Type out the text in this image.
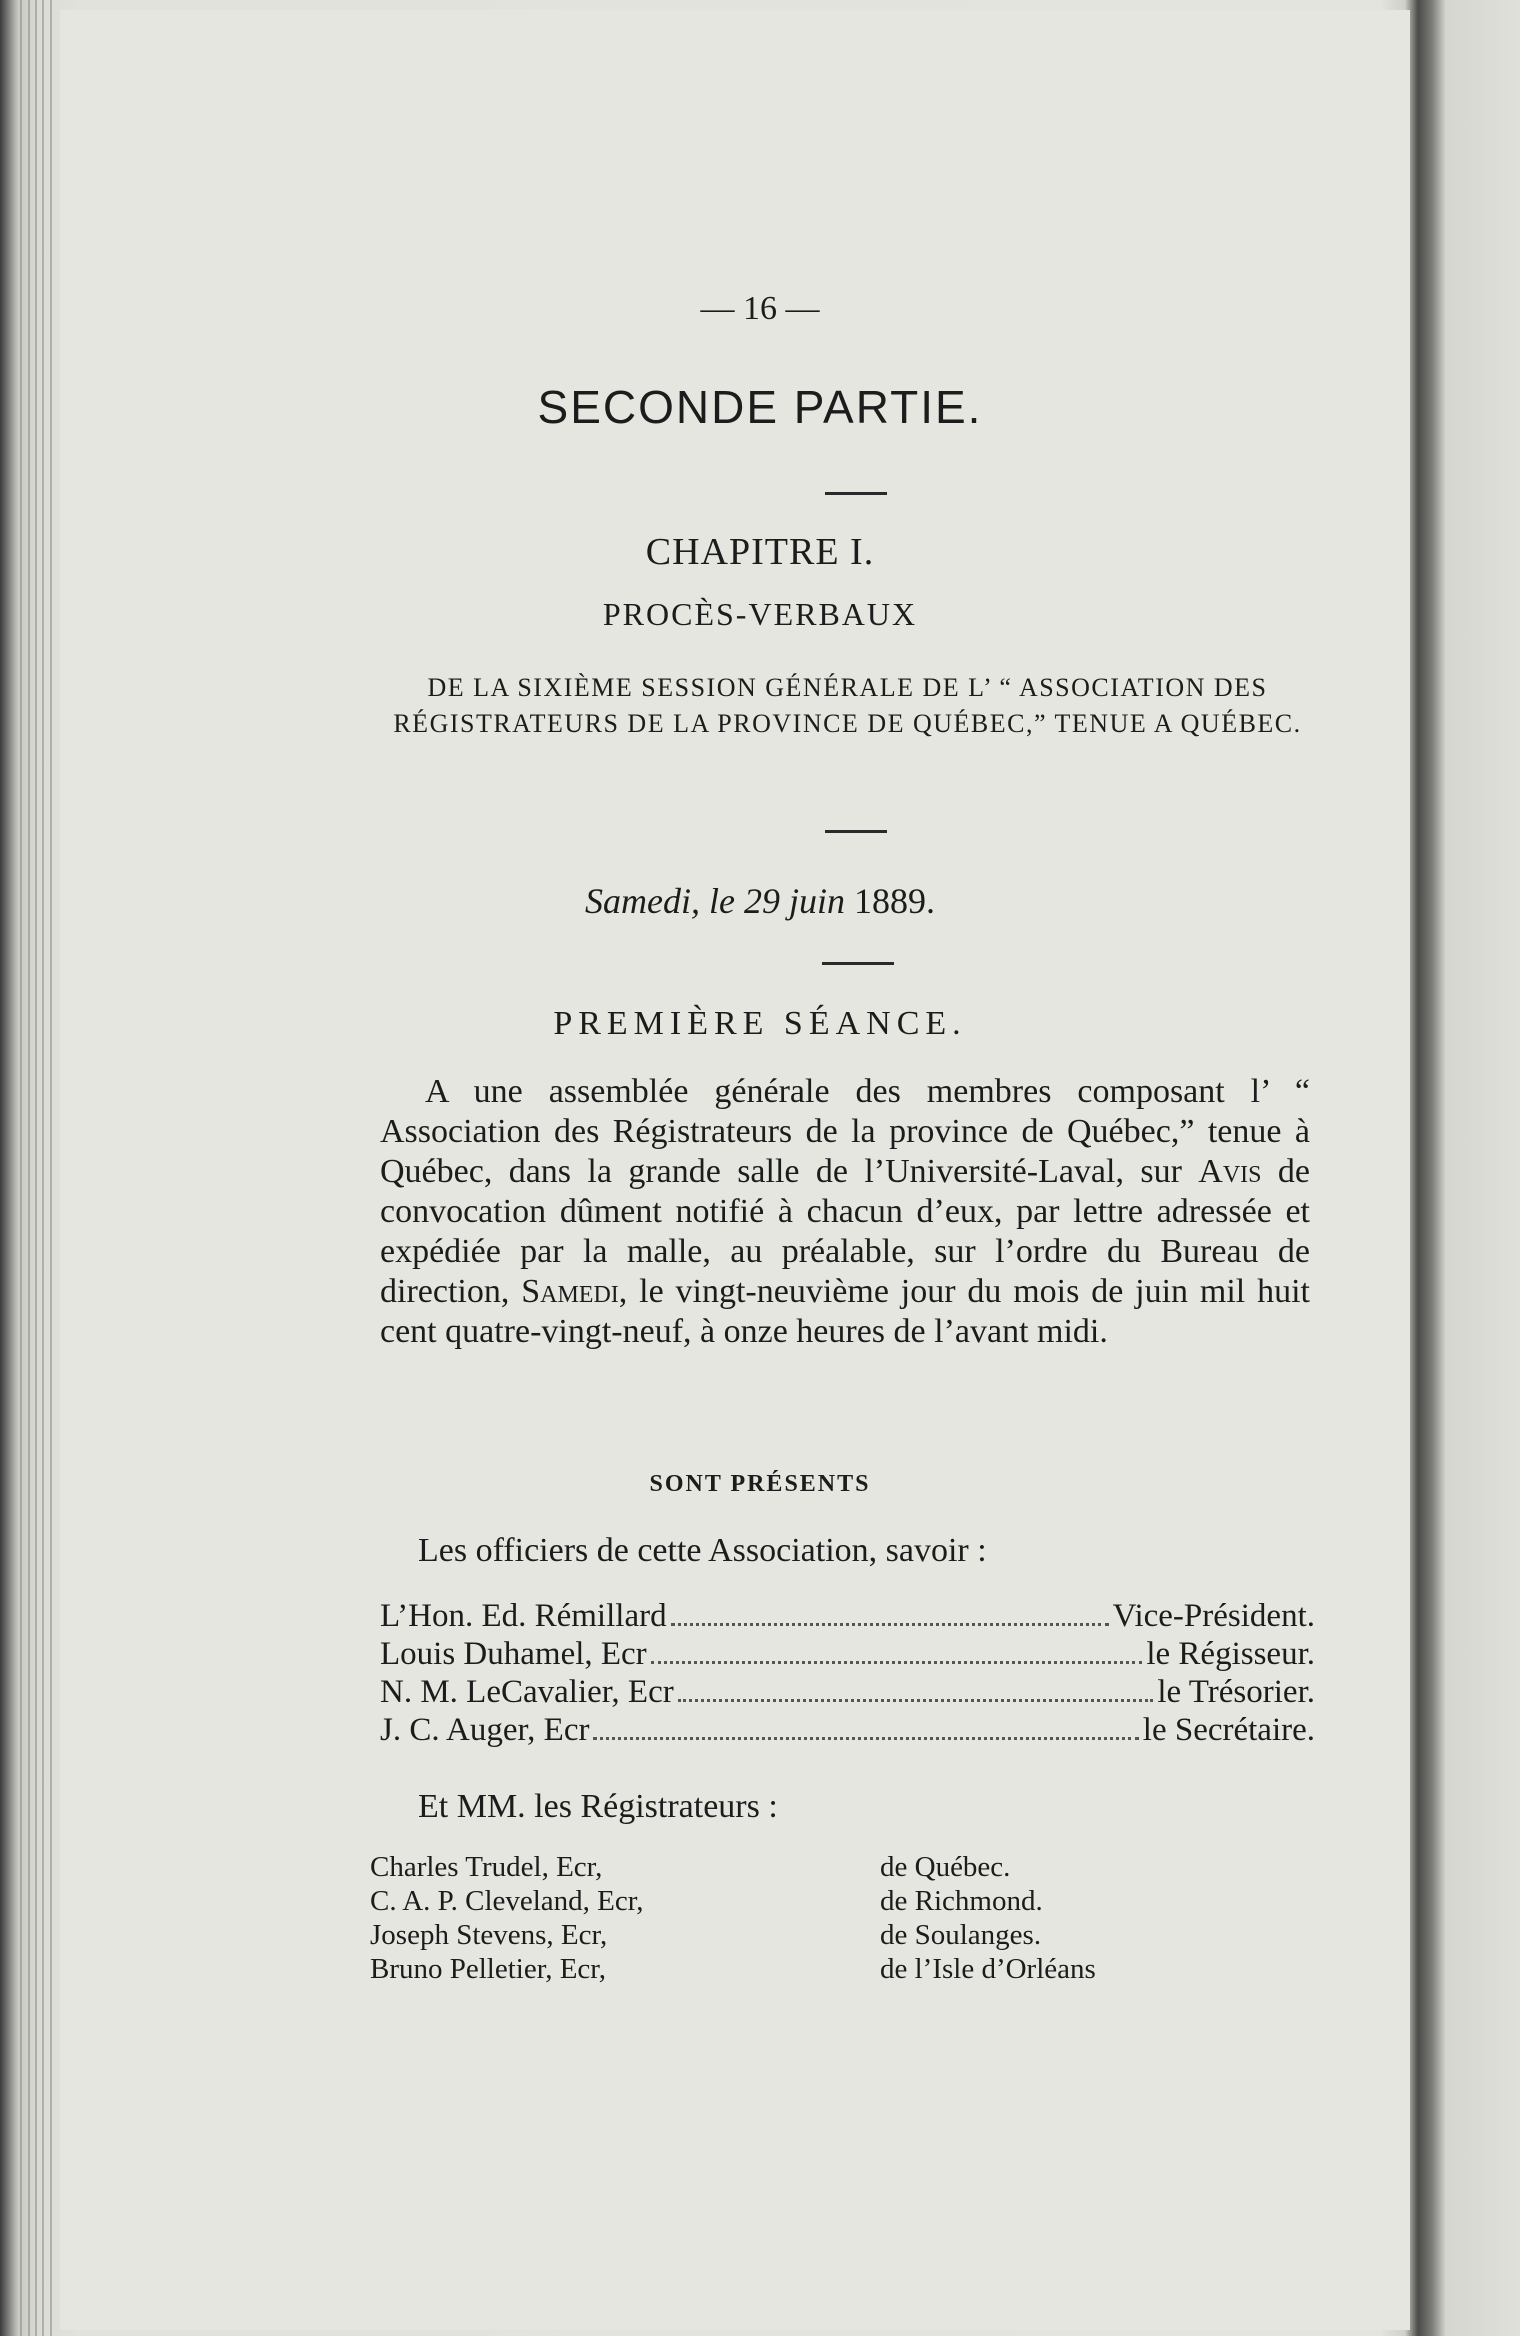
— 16 —
SECONDE PARTIE.
CHAPITRE I.
PROCÈS-VERBAUX
DE LA SIXIÈME SESSION GÉNÉRALE DE L’ “ ASSOCIATION DES RÉGISTRATEURS DE LA PROVINCE DE QUÉBEC,” TENUE A QUÉBEC.
Samedi, le 29 juin 1889.
PREMIÈRE SÉANCE.
A une assemblée générale des membres composant l’ “ Association des Régistrateurs de la province de Québec,” tenue à Québec, dans la grande salle de l’Université-Laval, sur Avis de convocation dûment notifié à chacun d’eux, par lettre adressée et expédiée par la malle, au préalable, sur l’ordre du Bureau de direction, Samedi, le vingt-neuvième jour du mois de juin mil huit cent quatre-vingt-neuf, à onze heures de l’avant midi.
SONT PRÉSENTS
Les officiers de cette Association, savoir :
L’Hon. Ed. Rémillard	Vice-Président.
Louis Duhamel, Ecr	le Régisseur.
N. M. LeCavalier, Ecr	le Trésorier.
J. C. Auger, Ecr	le Secrétaire.
Et MM. les Régistrateurs :
Charles Trudel, Ecr,	de Québec.
C. A. P. Cleveland, Ecr,	de Richmond.
Joseph Stevens, Ecr,	de Soulanges.
Bruno Pelletier, Ecr,	de l’Isle d’Orléans
